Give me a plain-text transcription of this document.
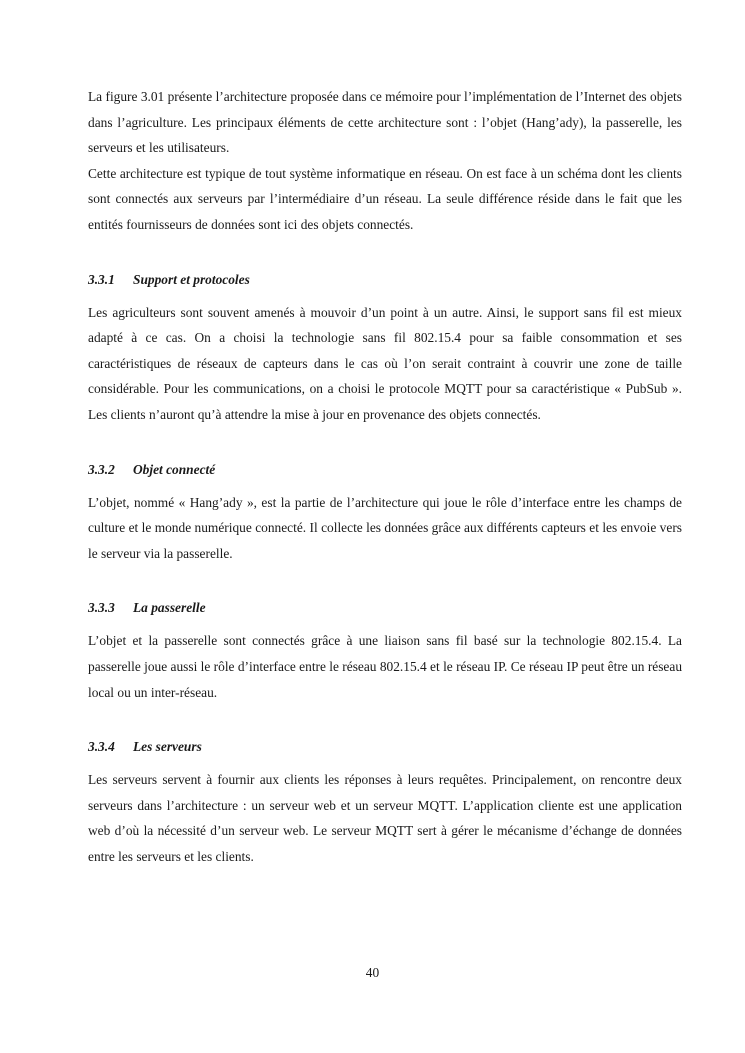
La figure 3.01 présente l’architecture proposée dans ce mémoire pour l’implémentation de l’Internet des objets dans l’agriculture. Les principaux éléments de cette architecture sont : l’objet (Hang’ady), la passerelle, les serveurs et les utilisateurs.

Cette architecture est typique de tout système informatique en réseau. On est face à un schéma dont les clients sont connectés aux serveurs par l’intermédiaire d’un réseau. La seule différence réside dans le fait que les entités fournisseurs de données sont ici des objets connectés.

3.3.1 Support et protocoles

Les agriculteurs sont souvent amenés à mouvoir d’un point à un autre. Ainsi, le support sans fil est mieux adapté à ce cas. On a choisi la technologie sans fil 802.15.4 pour sa faible consommation et ses caractéristiques de réseaux de capteurs dans le cas où l’on serait contraint à couvrir une zone de taille considérable. Pour les communications, on a choisi le protocole MQTT pour sa caractéristique « PubSub ». Les clients n’auront qu’à attendre la mise à jour en provenance des objets connectés.

3.3.2 Objet connecté

L’objet, nommé « Hang’ady », est la partie de l’architecture qui joue le rôle d’interface entre les champs de culture et le monde numérique connecté. Il collecte les données grâce aux différents capteurs et les envoie vers le serveur via la passerelle.

3.3.3 La passerelle

L’objet et la passerelle sont connectés grâce à une liaison sans fil basé sur la technologie 802.15.4. La passerelle joue aussi le rôle d’interface entre le réseau 802.15.4 et le réseau IP. Ce réseau IP peut être un réseau local ou un inter-réseau.

3.3.4 Les serveurs

Les serveurs servent à fournir aux clients les réponses à leurs requêtes. Principalement, on rencontre deux serveurs dans l’architecture : un serveur web et un serveur MQTT. L’application cliente est une application web d’où la nécessité d’un serveur web. Le serveur MQTT sert à gérer le mécanisme d’échange de données entre les serveurs et les clients.

40
